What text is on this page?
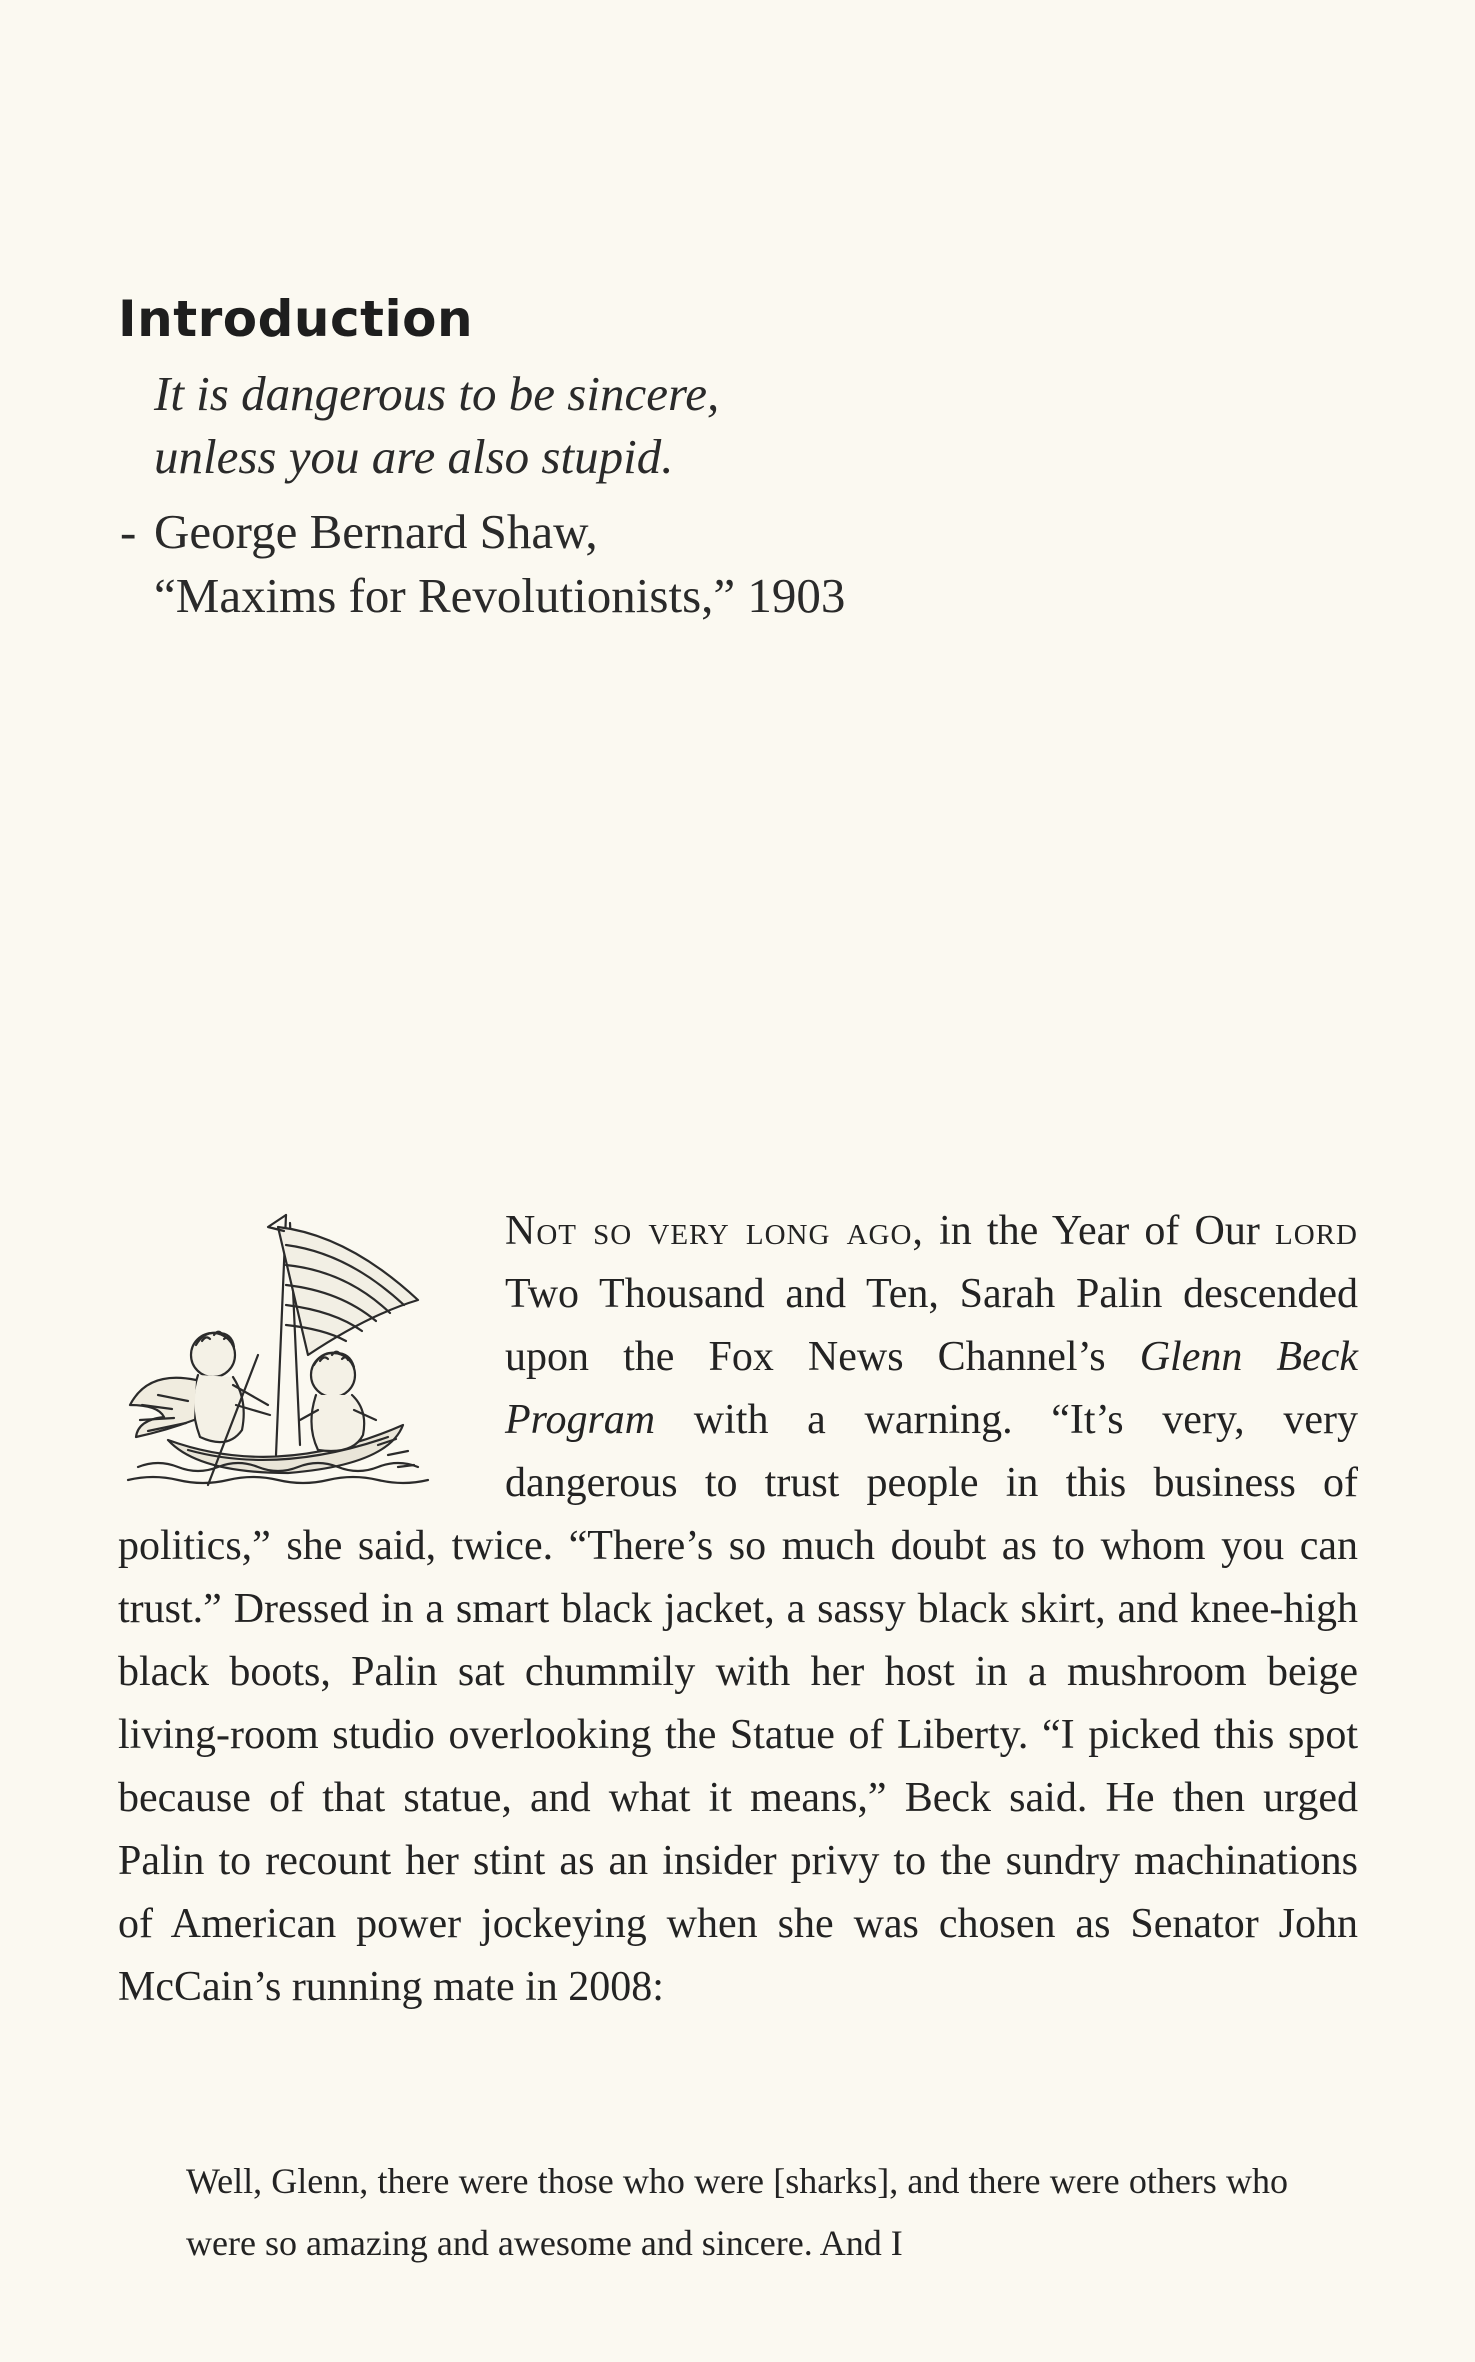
Introduction

It is dangerous to be sincere,

unless you are also stupid.

- George Bernard Shaw,
“Maxims for Revolutionists,” 1903

Not so very long ago, in the Year of Our lord Two Thousand and Ten, Sarah Palin descended upon the Fox News Channel’s Glenn Beck Program with a warning. “It’s very, very dangerous to trust people in this business of politics,” she said, twice. “There’s so much doubt as to whom you can trust.” Dressed in a smart black jacket, a sassy black skirt, and knee-high black boots, Palin sat chummily with her host in a mushroom beige living-room studio overlooking the Statue of Liberty. “I picked this spot because of that statue, and what it means,” Beck said. He then urged Palin to recount her stint as an insider privy to the sundry machinations of American power jockeying when she was chosen as Senator John McCain’s running mate in 2008:

Well, Glenn, there were those who were [sharks], and there were others who were so amazing and awesome and sincere. And I
